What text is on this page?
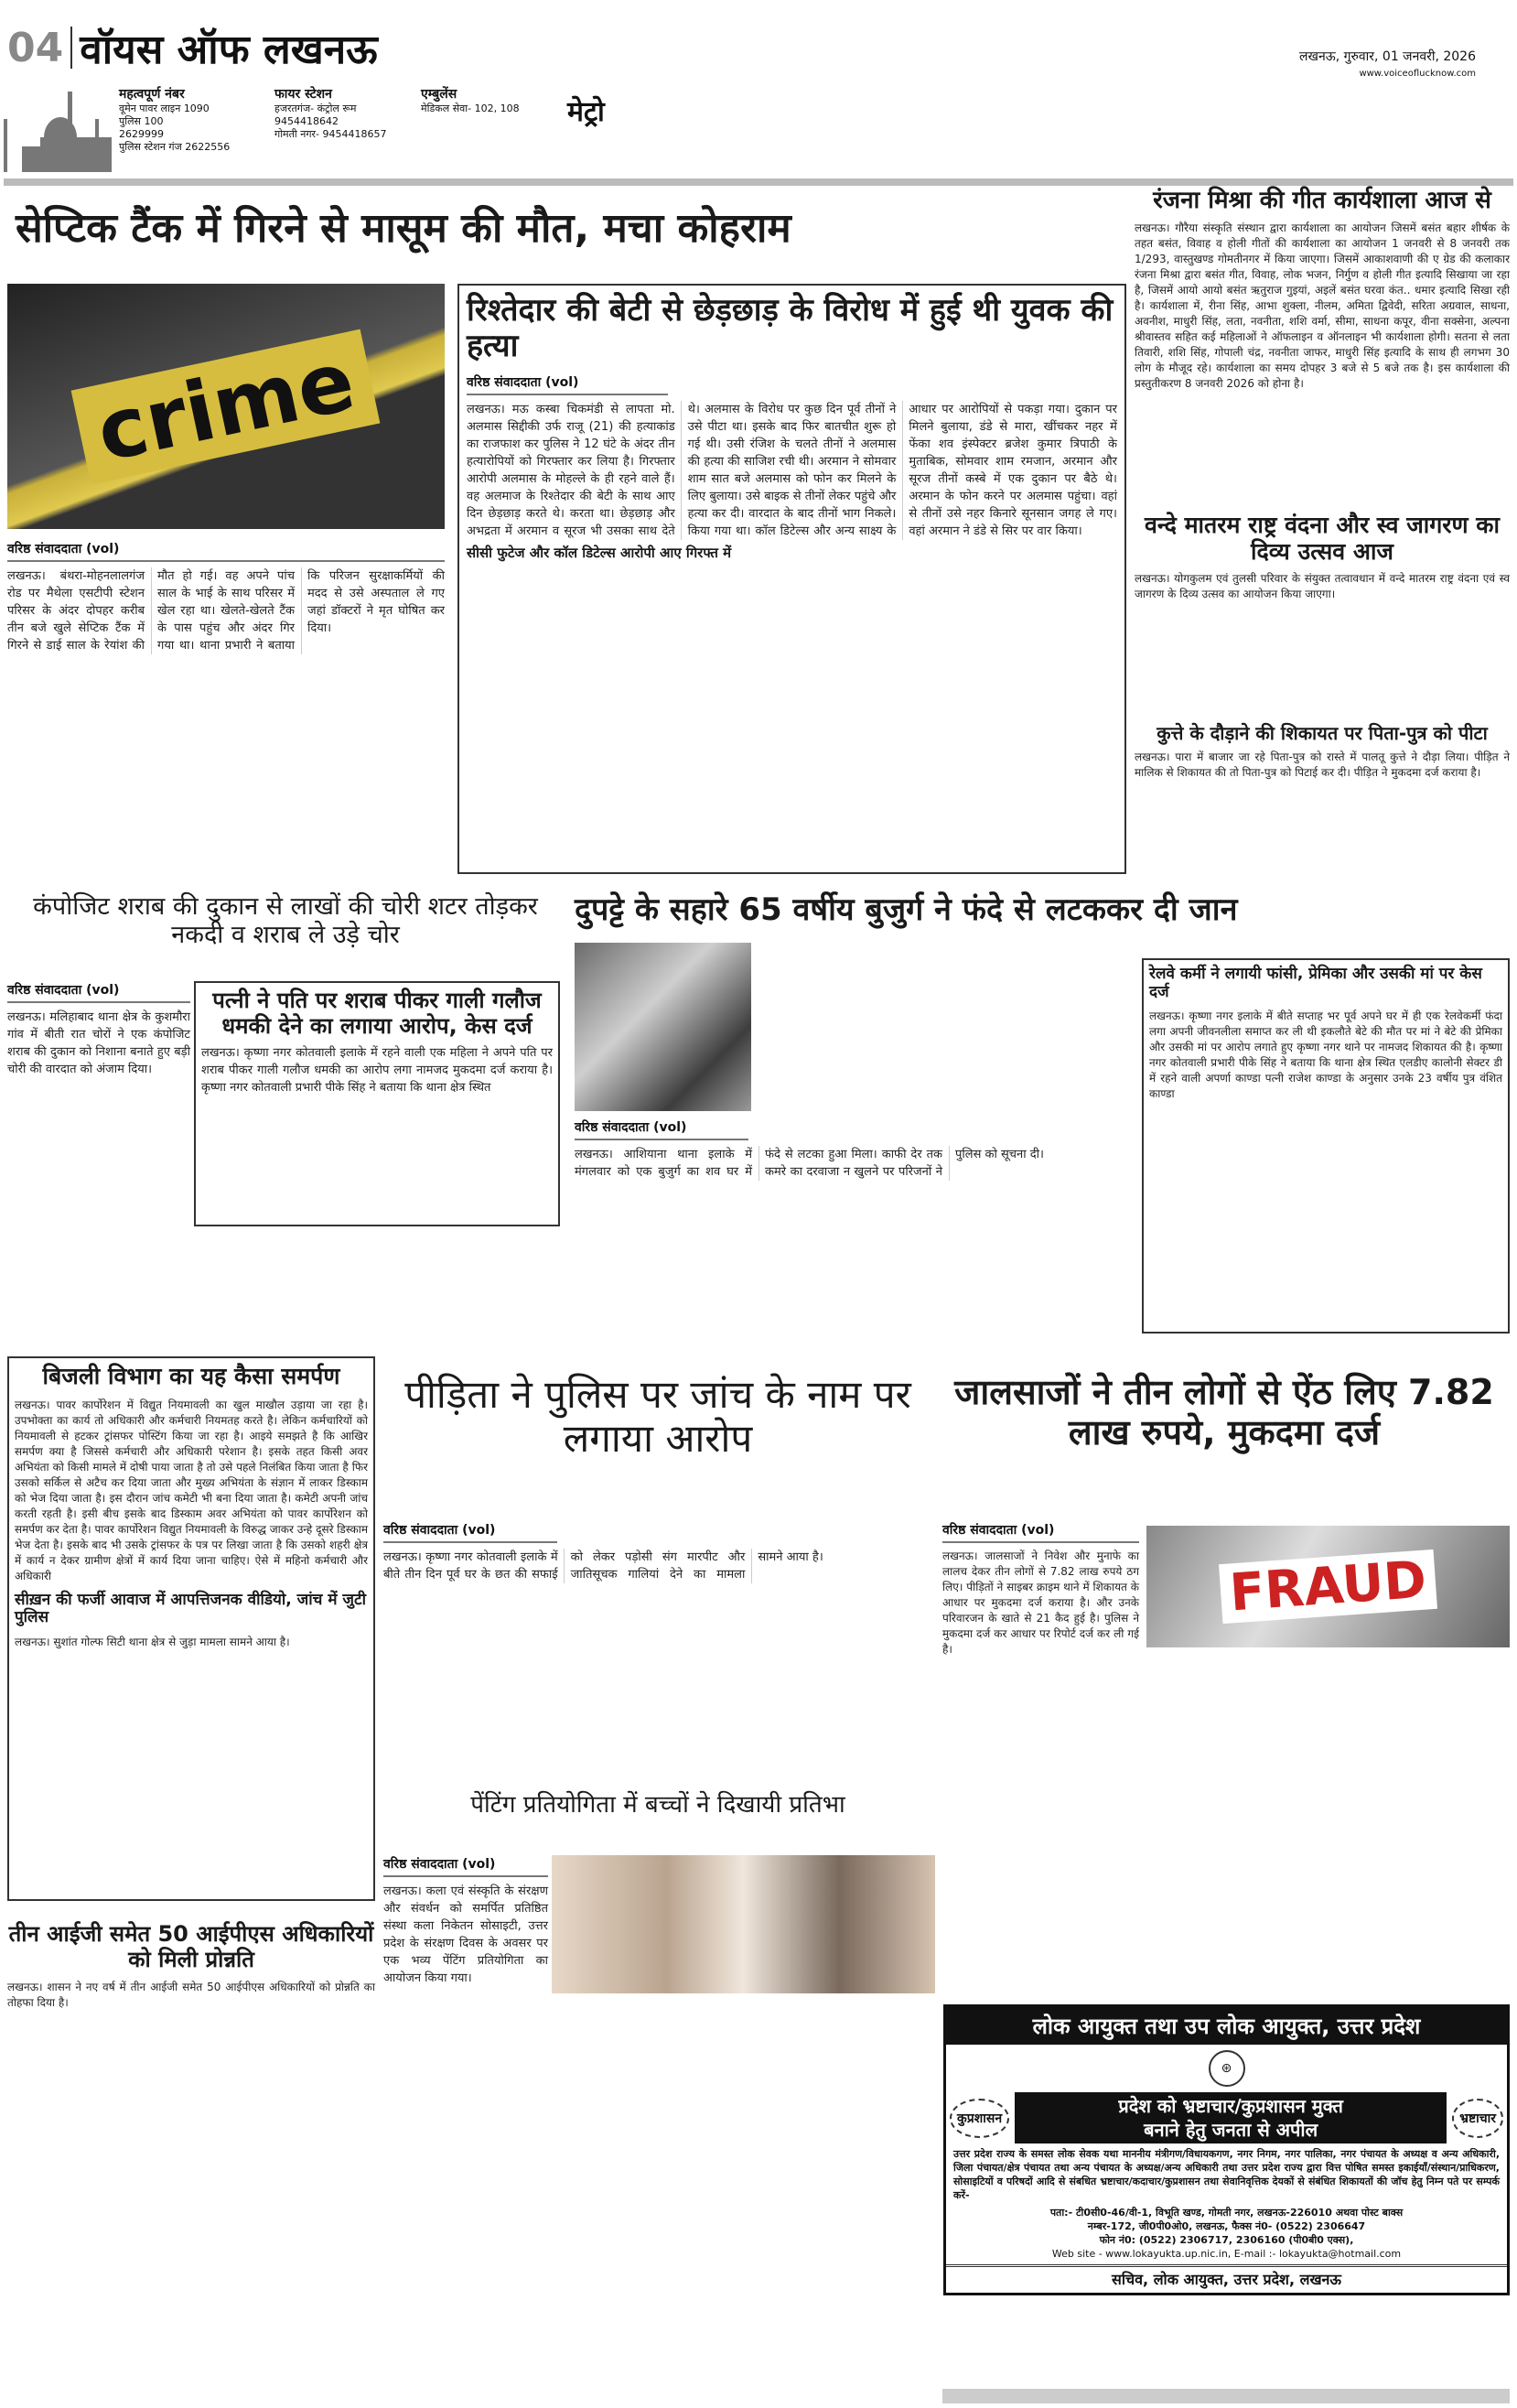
04 वॉयस ऑफ लखनऊ	लखनऊ, गुरुवार, 01 जनवरी, 2026
www.voiceoflucknow.com
महत्वपूर्ण नंबर
वूमेन पावर लाइन 1090
पुलिस 100
2629999
पुलिस स्टेशन गंज 2622556
फायर स्टेशन
हजरतगंज- कंट्रोल रूम
9454418642
गोमती नगर- 9454418657
एम्बुलेंस
मेडिकल सेवा- 102, 108 मेट्रो
सेप्टिक टैंक में गिरने से मासूम की मौत, मचा कोहराम
crime
वरिष्ठ संवाददाता (vol)
लखनऊ। बंथरा-मोहनलालगंज रोड पर मैथेला एसटीपी स्टेशन परिसर के अंदर दोपहर करीब तीन बजे खुले सेप्टिक टैंक में गिरने से डाई साल के रेयांश की मौत हो गई। वह अपने पांच साल के भाई के साथ परिसर में खेल रहा था। खेलते-खेलते टैंक के पास पहुंच और अंदर गिर गया था। थाना प्रभारी ने बताया कि परिजन सुरक्षाकर्मियों की मदद से उसे अस्पताल ले गए जहां डॉक्टरों ने मृत घोषित कर दिया।
रिश्तेदार की बेटी से छेड़छाड़ के विरोध में हुई थी युवक की हत्या
वरिष्ठ संवाददाता (vol)
लखनऊ। मऊ कस्बा चिकमंडी से लापता मो. अलमास सिद्दीकी उर्फ राजू (21) की हत्याकांड का राजफाश कर पुलिस ने 12 घंटे के अंदर तीन हत्यारोपियों को गिरफ्तार कर लिया है। गिरफ्तार आरोपी अलमास के मोहल्ले के ही रहने वाले हैं। वह अलमाज के रिश्तेदार की बेटी के साथ आए दिन छेड़छाड़ करते थे। करता था। छेड़छाड़ और अभद्रता में अरमान व सूरज भी उसका साथ देते थे। अलमास के विरोध पर कुछ दिन पूर्व तीनों ने उसे पीटा था। इसके बाद फिर बातचीत शुरू हो गई थी। उसी रंजिश के चलते तीनों ने अलमास की हत्या की साजिश रची थी। अरमान ने सोमवार शाम सात बजे अलमास को फोन कर मिलने के लिए बुलाया। उसे बाइक से तीनों लेकर पहुंचे और हत्या कर दी। वारदात के बाद तीनों भाग निकले। किया गया था। कॉल डिटेल्स और अन्य साक्ष्य के आधार पर आरोपियों से पकड़ा गया। दुकान पर मिलने बुलाया, डंडे से मारा, खींचकर नहर में फेंका शव इंस्पेक्टर ब्रजेश कुमार त्रिपाठी के मुताबिक, सोमवार शाम रमजान, अरमान और सूरज तीनों कस्बे में एक दुकान पर बैठे थे। अरमान के फोन करने पर अलमास पहुंचा। वहां से तीनों उसे नहर किनारे सूनसान जगह ले गए। वहां अरमान ने डंडे से सिर पर वार किया।
सीसी फुटेज और कॉल डिटेल्स आरोपी आए गिरफ्त में
रंजना मिश्रा की गीत कार्यशाला आज से
लखनऊ। गौरैया संस्कृति संस्थान द्वारा कार्यशाला का आयोजन जिसमें बसंत बहार शीर्षक के तहत बसंत, विवाह व होली गीतों की कार्यशाला का आयोजन 1 जनवरी से 8 जनवरी तक 1/293, वास्तुखण्ड गोमतीनगर में किया जाएगा। जिसमें आकाशवाणी की ए ग्रेड की कलाकार रंजना मिश्रा द्वारा बसंत गीत, विवाह, लोक भजन, निर्गुण व होली गीत इत्यादि सिखाया जा रहा है, जिसमें आयो आयो बसंत ऋतुराज गुइयां, अइलें बसंत घरवा कंत.. धमार इत्यादि सिखा रही है। कार्यशाला में, रीना सिंह, आभा शुक्ला, नीलम, अमिता द्विवेदी, सरिता अग्रवाल, साधना, अवनीश, माधुरी सिंह, लता, नवनीता, शशि वर्मा, सीमा, साधना कपूर, वीना सक्सेना, अल्पना श्रीवास्तव सहित कई महिलाओं ने ऑफलाइन व ऑनलाइन भी कार्यशाला होगी। सतना से लता तिवारी, शशि सिंह, गोपाली चंद्र, नवनीता जाफर, माधुरी सिंह इत्यादि के साथ ही लगभग 30 लोग के मौजूद रहे। कार्यशाला का समय दोपहर 3 बजे से 5 बजे तक है। इस कार्यशाला की प्रस्तुतीकरण 8 जनवरी 2026 को होना है।
वन्दे मातरम राष्ट्र वंदना और स्व जागरण का दिव्य उत्सव आज
लखनऊ। योगकुलम एवं तुलसी परिवार के संयुक्त तत्वावधान में वन्दे मातरम राष्ट्र वंदना एवं स्व जागरण के दिव्य उत्सव का आयोजन किया जाएगा।
कुत्ते के दौड़ाने की शिकायत पर पिता-पुत्र को पीटा
लखनऊ। पारा में बाजार जा रहे पिता-पुत्र को रास्ते में पालतू कुत्ते ने दौड़ा लिया। पीड़ित ने मालिक से शिकायत की तो पिता-पुत्र को पिटाई कर दी। पीड़ित ने मुकदमा दर्ज कराया है।
कंपोजिट शराब की दुकान से लाखों की चोरी शटर तोड़कर नकदी व शराब ले उड़े चोर
वरिष्ठ संवाददाता (vol)
लखनऊ। मलिहाबाद थाना क्षेत्र के कुशमौरा गांव में बीती रात चोरों ने एक कंपोजिट शराब की दुकान को निशाना बनाते हुए बड़ी चोरी की वारदात को अंजाम दिया।
पत्नी ने पति पर शराब पीकर गाली गलौज धमकी देने का लगाया आरोप, केस दर्ज
लखनऊ। कृष्णा नगर कोतवाली इलाके में रहने वाली एक महिला ने अपने पति पर शराब पीकर गाली गलौज धमकी का आरोप लगा नामजद मुकदमा दर्ज कराया है। कृष्णा नगर कोतवाली प्रभारी पीके सिंह ने बताया कि थाना क्षेत्र स्थित
दुपट्टे के सहारे 65 वर्षीय बुजुर्ग ने फंदे से लटककर दी जान
वरिष्ठ संवाददाता (vol)
लखनऊ। आशियाना थाना इलाके में मंगलवार को एक बुजुर्ग का शव घर में फंदे से लटका हुआ मिला। काफी देर तक कमरे का दरवाजा न खुलने पर परिजनों ने पुलिस को सूचना दी।
रेलवे कर्मी ने लगायी फांसी, प्रेमिका और उसकी मां पर केस दर्ज
लखनऊ। कृष्णा नगर इलाके में बीते सप्ताह भर पूर्व अपने घर में ही एक रेलवेकर्मी फंदा लगा अपनी जीवनलीला समाप्त कर ली थी इकलौते बेटे की मौत पर मां ने बेटे की प्रेमिका और उसकी मां पर आरोप लगाते हुए कृष्णा नगर थाने पर नामजद शिकायत की है। कृष्णा नगर कोतवाली प्रभारी पीके सिंह ने बताया कि थाना क्षेत्र स्थित एलडीए कालोनी सेक्टर डी में रहने वाली अपर्णा काण्डा पत्नी राजेश काण्डा के अनुसार उनके 23 वर्षीय पुत्र वंशित काण्डा
बिजली विभाग का यह कैसा समर्पण
लखनऊ। पावर कार्पोरेशन में विद्युत नियमावली का खुल माखौल उड़ाया जा रहा है। उपभोक्ता का कार्य तो अधिकारी और कर्मचारी नियमतह करते है। लेकिन कर्मचारियों को नियमावली से हटकर ट्रांसफर पोस्टिंग किया जा रहा है। आइये समझते है कि आखिर समर्पण क्या है जिससे कर्मचारी और अधिकारी परेशान है। इसके तहत किसी अवर अभियंता को किसी मामले में दोषी पाया जाता है तो उसे पहले निलंबित किया जाता है फिर उसको सर्किल से अटैच कर दिया जाता और मुख्य अभियंता के संज्ञान में लाकर डिस्काम को भेज दिया जाता है। इस दौरान जांच कमेटी भी बना दिया जाता है। कमेटी अपनी जांच करती रहती है। इसी बीच इसके बाद डिस्काम अवर अभियंता को पावर कार्पोरेशन को समर्पण कर देता है। पावर कार्पोरेशन विद्युत नियमावली के विरुद्ध जाकर उन्हे दूसरे डिस्काम भेज देता है। इसके बाद भी उसके ट्रांसफर के पत्र पर लिखा जाता है कि उसको शहरी क्षेत्र में कार्य न देकर ग्रामीण क्षेत्रों में कार्य दिया जाना चाहिए। ऐसे में महिनो कर्मचारी और अधिकारी
सीख़न की फर्जी आवाज में आपत्तिजनक वीडियो, जांच में जुटी पुलिस
लखनऊ। सुशांत गोल्फ सिटी थाना क्षेत्र से जुड़ा मामला सामने आया है।
तीन आईजी समेत 50 आईपीएस अधिकारियों को मिली प्रोन्नति
लखनऊ। शासन ने नए वर्ष में तीन आईजी समेत 50 आईपीएस अधिकारियों को प्रोन्नति का तोहफा दिया है।
पीड़िता ने पुलिस पर जांच के नाम पर लगाया आरोप
वरिष्ठ संवाददाता (vol)
लखनऊ। कृष्णा नगर कोतवाली इलाके में बीते तीन दिन पूर्व घर के छत की सफाई को लेकर पड़ोसी संग मारपीट और जातिसूचक गालियां देने का मामला सामने आया है।
पेंटिंग प्रतियोगिता में बच्चों ने दिखायी प्रतिभा
वरिष्ठ संवाददाता (vol)
लखनऊ। कला एवं संस्कृति के संरक्षण और संवर्धन को समर्पित प्रतिष्ठित संस्था कला निकेतन सोसाइटी, उत्तर प्रदेश के संरक्षण दिवस के अवसर पर एक भव्य पेंटिंग प्रतियोगिता का आयोजन किया गया।
जालसाजों ने तीन लोगों से ऐंठ लिए 7.82 लाख रुपये, मुकदमा दर्ज
वरिष्ठ संवाददाता (vol)
लखनऊ। जालसाजों ने निवेश और मुनाफे का लालच देकर तीन लोगों से 7.82 लाख रुपये ठग लिए। पीड़ितों ने साइबर क्राइम थाने में शिकायत के आधार पर मुकदमा दर्ज कराया है। और उनके परिवारजन के खाते से 21 कैद हुई है। पुलिस ने मुकदमा दर्ज कर आधार पर रिपोर्ट दर्ज कर ली गई है।
FRAUD
लोक आयुक्त तथा उप लोक आयुक्त, उत्तर प्रदेश
⊛
कुप्रशासन
प्रदेश को भ्रष्टाचार/कुप्रशासन मुक्त
बनाने हेतु जनता से अपील
भ्रष्टाचार
उत्तर प्रदेश राज्य के समस्त लोक सेवक यथा माननीय मंत्रीगण/विधायकगण, नगर निगम, नगर पालिका, नगर पंचायत के अध्यक्ष व अन्य अधिकारी, जिला पंचायत/क्षेत्र पंचायत तथा अन्य पंचायत के अध्यक्ष/अन्य अधिकारी तथा उत्तर प्रदेश राज्य द्वारा वित्त पोषित समस्त इकाईयाँ/संस्थान/प्राधिकरण, सोसाइटियों व परिषदों आदि से संबधित भ्रष्टाचार/कदाचार/कुप्रशासन तथा सेवानिवृत्तिक देयकों से संबंधित शिकायतों की जॉच हेतु निम्न पते पर सम्पर्क करें-
पता:- टी0सी0-46/वी-1, विभूति खण्ड, गोमती नगर, लखनऊ-226010 अथवा पोस्ट बाक्स
नम्बर-172, जी0पी0ओ0, लखनऊ, फैक्स नं0- (0522) 2306647
फोन नं0: (0522) 2306717, 2306160 (पी0बी0 एक्स),
Web site - www.lokayukta.up.nic.in, E-mail :- lokayukta@hotmail.com
सचिव, लोक आयुक्त, उत्तर प्रदेश, लखनऊ
